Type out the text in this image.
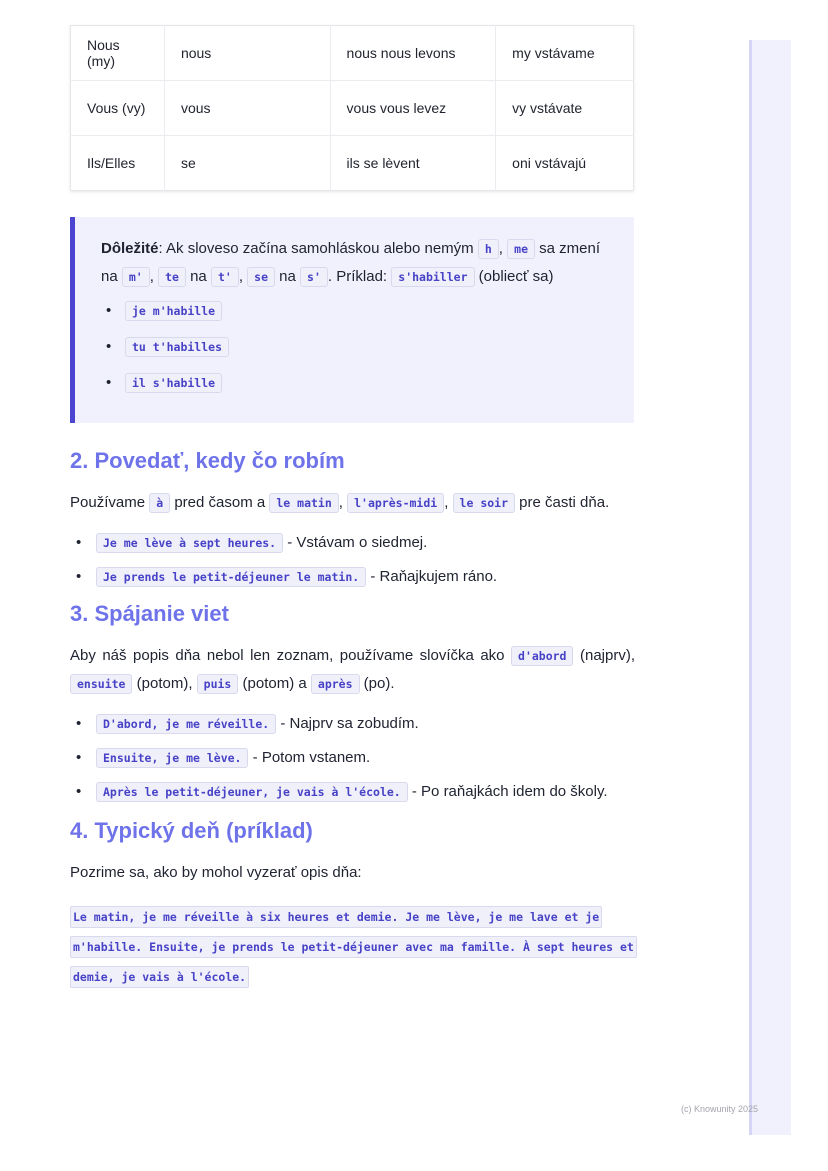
Nous (my)	nous	nous nous levons	my vstávame
Vous (vy)	vous	vous vous levez	vy vstávate
Ils/Elles	se	ils se lèvent	oni vstávajú
Dôležité: Ak sloveso začína samohláskou alebo nemým h , me sa zmení na m' , te na t' , se na s' . Príklad: s'habiller (obliecť sa)
• je m'habille
• tu t'habilles
• il s'habille
2. Povedať, kedy čo robím

Používame à pred časom a le matin , l'après-midi , le soir pre časti dňa.

• Je me lève à sept heures. - Vstávam o siedmej.
• Je prends le petit-déjeuner le matin. - Raňajkujem ráno.
3. Spájanie viet

Aby náš popis dňa nebol len zoznam, používame slovíčka ako d'abord (najprv), ensuite (potom), puis (potom) a après (po).

• D'abord, je me réveille. - Najprv sa zobudím.
• Ensuite, je me lève. - Potom vstanem.
• Après le petit-déjeuner, je vais à l'école. - Po raňajkách idem do školy.
4. Typický deň (príklad)

Pozrime sa, ako by mohol vyzerať opis dňa:

Le matin, je me réveille à six heures et demie. Je me lève, je me lave et je m'habille. Ensuite, je prends le petit-déjeuner avec ma famille. À sept heures et demie, je vais à l'école.
(c) Knowunity 2025
